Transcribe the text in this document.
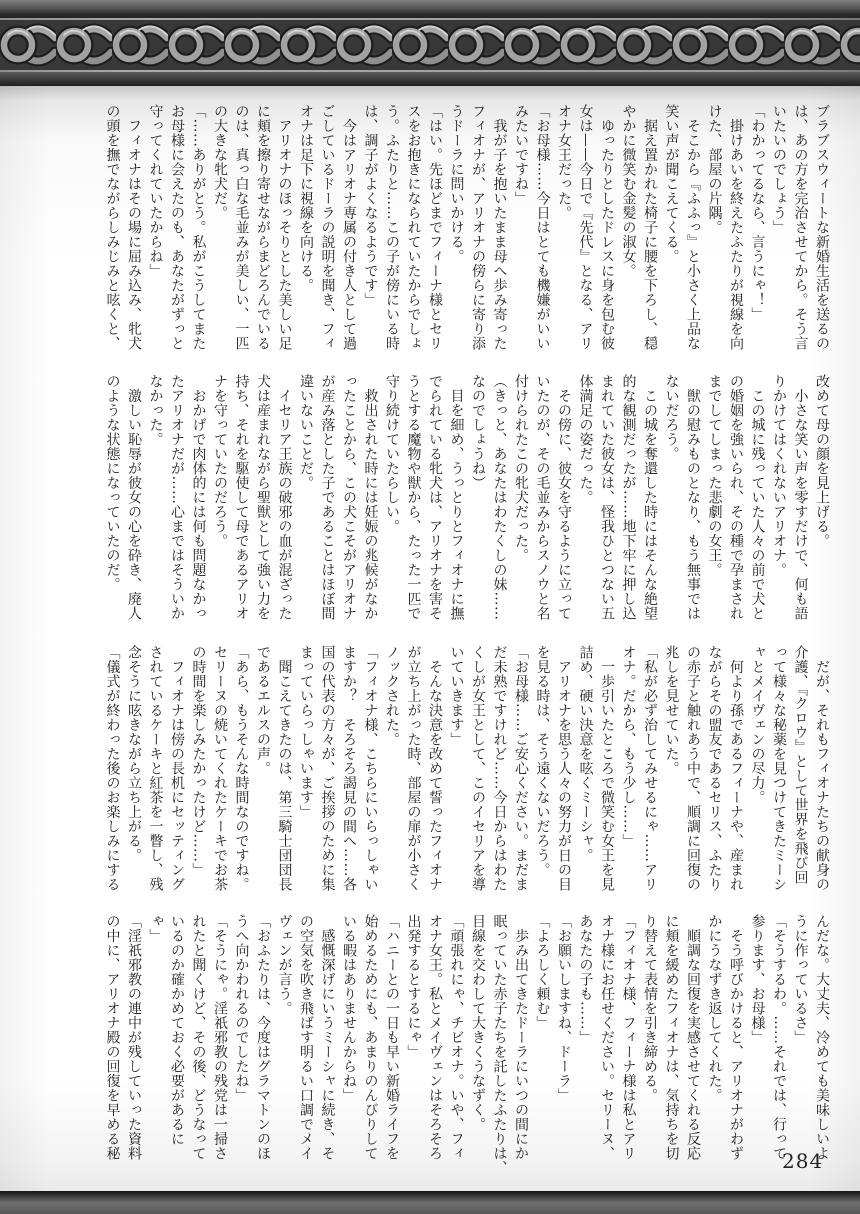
ブラブスウィートな新婚生活を送るの
は、あの方を完治させてから。そう言
いたいのでしょう」
「わかってるなら、言うにゃ！」
　掛けあいを終えたふたりが視線を向
けた、部屋の片隅。
　そこから『ふふっ』と小さく上品な
笑い声が聞こえてくる。
　据え置かれた椅子に腰を下ろし、穏
やかに微笑む金髪の淑女。
　ゆったりとしたドレスに身を包む彼
女は——今日で『先代』となる、アリ
オナ女王だった。
「お母様……今日はとても機嫌がいい
みたいですね」
　我が子を抱いたまま母へ歩み寄った
フィオナが、アリオナの傍らに寄り添
うドーラに問いかける。
「はい。先ほどまでフィーナ様とセリ
スをお抱きになられていたからでしょ
う。ふたりと……この子が傍にいる時
は、調子がよくなるようです」
　今はアリオナ専属の付き人として過
ごしているドーラの説明を聞き、フィ
オナは足下に視線を向ける。
　アリオナのほっそりとした美しい足
に頬を擦り寄せながらまどろんでいる
のは、真っ白な毛並みが美しい、一匹
の大きな牝犬だ。
「……ありがとう。私がこうしてまた
お母様に会えたのも、あなたがずっと
守ってくれていたからね」
　フィオナはその場に屈み込み、牝犬
の頭を撫でながらしみじみと呟くと、
改めて母の顔を見上げる。
　小さな笑い声を零すだけで、何も語
りかけてはくれないアリオナ。
　この城に残っていた人々の前で犬と
の婚姻を強いられ、その種で孕まされ
までしてしまった悲劇の女王。
　獣の慰みものとなり、もう無事では
ないだろう。
　この城を奪還した時にはそんな絶望
的な観測だったが……地下牢に押し込
まれていた彼女は、怪我ひとつない五
体満足の姿だった。
　その傍に、彼女を守るように立って
いたのが、その毛並みからスノウと名
付けられたこの牝犬だった。
（きっと、あなたはわたくしの妹……
なのでしょうね）
　目を細め、うっとりとフィオナに撫
でられている牝犬は、アリオナを害そ
うとする魔物や獣から、たった一匹で
守り続けていたらしい。
　救出された時には妊娠の兆候がなか
ったことから、この犬こそがアリオナ
が産み落とした子であることはほぼ間
違いないことだ。
　イセリア王族の破邪の血が混ざった
犬は産まれながら聖獣として強い力を
持ち、それを駆使して母であるアリオ
ナを守っていたのだろう。
　おかげで肉体的には何も問題なかっ
たアリオナだが……心まではそういか
なかった。
　激しい恥辱が彼女の心を砕き、廃人
のような状態になっていたのだ。
　だが、それもフィオナたちの献身の
介護、『クロウ』として世界を飛び回
って様々な秘薬を見つけてきたミーシ
ャとメイヴェンの尽力。
　何より孫であるフィーナや、産まれ
ながらその盟友であるセリス、ふたり
の赤子と触れあう中で、順調に回復の
兆しを見せていた。
「私が必ず治してみせるにゃ……アリ
オナ。だから、もう少し……」
　一歩引いたところで微笑む女王を見
詰め、硬い決意を呟くミーシャ。
　アリオナを思う人々の努力が日の目
を見る時は、そう遠くないだろう。
「お母様……ご安心ください。まだま
だ未熟ですけれど……今日からはわた
くしが女王として、このイセリアを導
いていきます」
　そんな決意を改めて誓ったフィオナ
が立ち上がった時、部屋の扉が小さく
ノックされた。
「フィオナ様、こちらにいらっしゃい
ますか？　そろそろ謁見の間へ……各
国の代表の方々が、ご挨拶のために集
まっていらっしゃいます」
　聞こえてきたのは、第三騎士団団長
であるエルスの声。
「あら、もうそんな時間なのですね。
セリーヌの焼いてくれたケーキでお茶
の時間を楽しみたかったけど……」
　フィオナは傍の長机にセッティング
されているケーキと紅茶を一瞥し、残
念そうに呟きながら立ち上がる。
「儀式が終わった後のお楽しみにする
んだな。大丈夫、冷めても美味しいよ
うに作っているさ」
「そうするわ。……それでは、行って
参ります、お母様」
　そう呼びかけると、アリオナがわず
かにうなずき返してくれた。
　順調な回復を実感させてくれる反応
に頬を緩めたフィオナは、気持ちを切
り替えて表情を引き締める。
「フィオナ様、フィーナ様は私とアリ
オナ様にお任せください。セリーヌ、
あなたの子も……」
「お願いしますね、ドーラ」
「よろしく頼む」
　歩み出てきたドーラにいつの間にか
眠っていた赤子たちを託したふたりは、
目線を交わして大きくうなずく。
「頑張れにゃ、チビオナ。いや、フィ
オナ女王。私とメイヴェンはそろそろ
出発するとするにゃ」
「ハニーとの一日も早い新婚ライフを
始めるためにも、あまりのんびりして
いる暇はありませんからね」
　感慨深げにいうミーシャに続き、そ
の空気を吹き飛ばす明るい口調でメイ
ヴェンが言う。
「おふたりは、今度はグラマトンのほ
うへ向かわれるのでしたね」
「そうにゃ。淫祇邪教の残党は一掃さ
れたと聞くけど、その後、どうなって
いるのか確かめておく必要があるに
ゃ」
「淫祇邪教の連中が残していった資料
の中に、アリオナ殿の回復を早める秘
284
